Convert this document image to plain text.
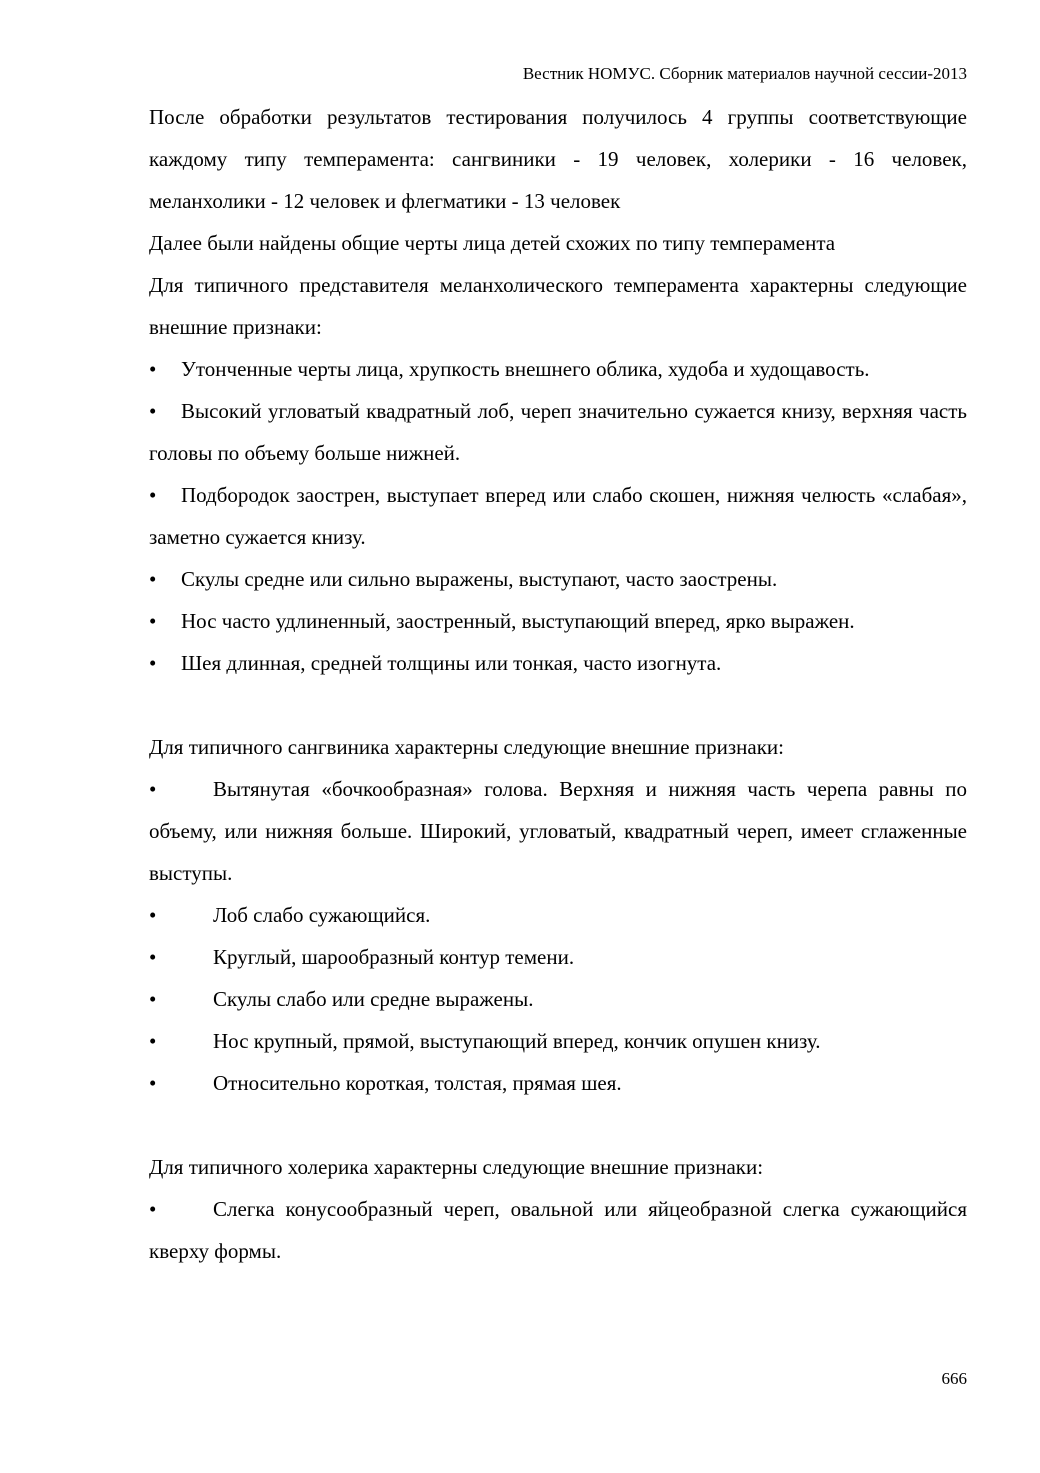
Вестник НОМУС. Сборник материалов научной сессии-2013

После обработки результатов тестирования получилось 4 группы соответствующие каждому типу темперамента: сангвиники - 19 человек, холерики - 16 человек, меланхолики - 12 человек и флегматики - 13 человек

Далее были найдены общие черты лица детей схожих по типу темперамента

Для типичного представителя меланхолического темперамента характерны следующие внешние признаки:

• Утонченные черты лица, хрупкость внешнего облика, худоба и худощавость.

• Высокий угловатый квадратный лоб, череп значительно сужается книзу, верхняя часть головы по объему больше нижней.

• Подбородок заострен, выступает вперед или слабо скошен, нижняя челюсть «слабая», заметно сужается книзу.

• Скулы средне или сильно выражены, выступают, часто заострены.

• Нос часто удлиненный, заостренный, выступающий вперед, ярко выражен.

• Шея длинная, средней толщины или тонкая, часто изогнута.

Для типичного сангвиника характерны следующие внешние признаки:

•	Вытянутая «бочкообразная» голова. Верхняя и нижняя часть черепа равны по объему, или нижняя больше. Широкий, угловатый, квадратный череп, имеет сглаженные выступы.

•	Лоб слабо сужающийся.

•	Круглый, шарообразный контур темени.

•	Скулы слабо или средне выражены.

•	Нос крупный, прямой, выступающий вперед, кончик опушен книзу.

•	Относительно короткая, толстая, прямая шея.

Для типичного холерика характерны следующие внешние признаки:

•	Слегка конусообразный череп, овальной или яйцеобразной слегка сужающийся кверху формы.

666
